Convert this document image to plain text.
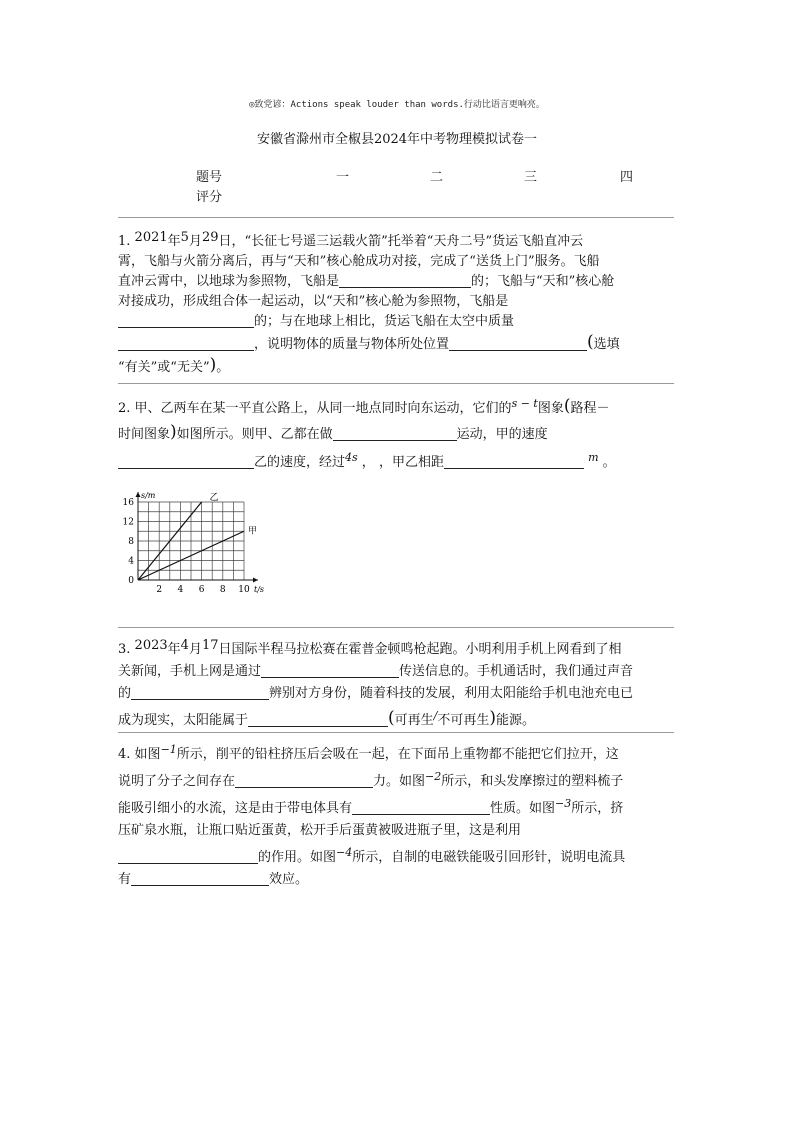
◎致党谚：Actions speak louder than words.行动比语言更响亮。
安徽省滁州市全椒县2024年中考物理模拟试卷一
题号	一	二	三	四
评分

1. 2021年5月29日，“长征七号遥三运载火箭”托举着“天舟二号”货运飞船直冲云

霄，飞船与火箭分离后，再与“天和”核心舱成功对接，完成了“送货上门”服务。飞船

直冲云霄中，以地球为参照物，飞船是	的；飞船与“天和”核心舱

对接成功，形成组合体一起运动，以“天和”核心舱为参照物，飞船是

的；与在地球上相比，货运飞船在太空中质量

，说明物体的质量与物体所处位置	(选填

“有关”或“无关”)。

2. 甲、乙两车在某一平直公路上，从同一地点同时向东运动，它们的$^{s - t}$图象(路程－

时间图象)如图所示。则甲、乙都在做	运动，甲的速度

乙的速度，经过$^{4s}$ ， ，甲乙相距	$^m$ 。

t/s
s/m
2 4 6 8 10
0
4
8
12
16	乙
甲

3. 2023年4月17日国际半程马拉松赛在霍普金顿鸣枪起跑。小明利用手机上网看到了相

关新闻，手机上网是通过	传送信息的。手机通话时，我们通过声音

的	辨别对方身份，随着科技的发展，利用太阳能给手机电池充电已

成为现实，太阳能属于	(可再生/不可再生)能源。

4. 如图$^{-1}$所示，削平的铅柱挤压后会吸在一起，在下面吊上重物都不能把它们拉开，这

说明了分子之间存在	力。如图$^{-2}$所示，和头发摩擦过的塑料梳子

能吸引细小的水流，这是由于带电体具有	性质。如图$^{-3}$所示，挤

压矿泉水瓶，让瓶口贴近蛋黄，松开手后蛋黄被吸进瓶子里，这是利用

的作用。如图$^{-4}$所示，自制的电磁铁能吸引回形针，说明电流具

有	效应。
